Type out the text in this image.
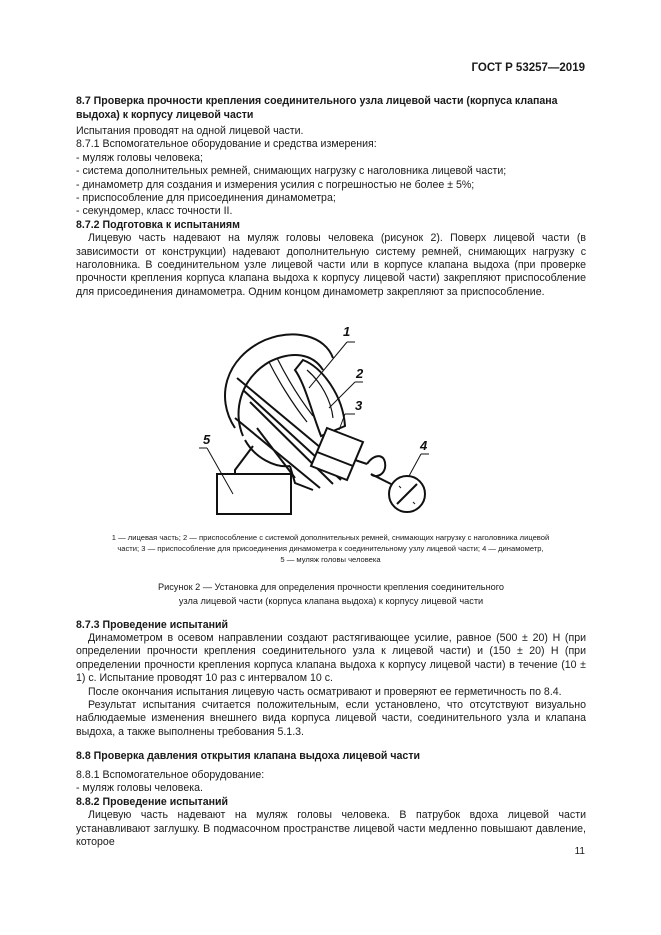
ГОСТ Р 53257—2019
8.7 Проверка прочности крепления соединительного узла лицевой части (корпуса клапана выдоха) к корпусу лицевой части
Испытания проводят на одной лицевой части.
8.7.1 Вспомогательное оборудование и средства измерения:
- муляж головы человека;
- система дополнительных ремней, снимающих нагрузку с наголовника лицевой части;
- динамометр для создания и измерения усилия с погрешностью не более ± 5%;
- приспособление для присоединения динамометра;
- секундомер, класс точности II.
8.7.2 Подготовка к испытаниям
Лицевую часть надевают на муляж головы человека (рисунок 2). Поверх лицевой части (в зависимости от конструкции) надевают дополнительную систему ремней, снимающих нагрузку с наголовника. В соединительном узле лицевой части или в корпусе клапана выдоха (при проверке прочности крепления корпуса клапана выдоха к корпусу лицевой части) закрепляют приспособление для присоединения динамометра. Одним концом динамометр закрепляют за приспособление.
1
2
3
4
5
1 — лицевая часть; 2 — приспособление с системой дополнительных ремней, снимающих нагрузку с наголовника лицевой
части; 3 — приспособление для присоединения динамометра к соединительному узлу лицевой части; 4 — динамометр,
5 — муляж головы человека
Рисунок 2 — Установка для определения прочности крепления соединительного
узла лицевой части (корпуса клапана выдоха) к корпусу лицевой части
8.7.3 Проведение испытаний
Динамометром в осевом направлении создают растягивающее усилие, равное (500 ± 20) Н (при определении прочности крепления соединительного узла к лицевой части) и (150 ± 20) Н (при определении прочности крепления корпуса клапана выдоха к корпусу лицевой части) в течение (10 ± 1) с. Испытание проводят 10 раз с интервалом 10 с.
После окончания испытания лицевую часть осматривают и проверяют ее герметичность по 8.4.
Результат испытания считается положительным, если установлено, что отсутствуют визуально наблюдаемые изменения внешнего вида корпуса лицевой части, соединительного узла и клапана выдоха, а также выполнены требования 5.1.3.
8.8 Проверка давления открытия клапана выдоха лицевой части
8.8.1 Вспомогательное оборудование:
- муляж головы человека.
8.8.2 Проведение испытаний
Лицевую часть надевают на муляж головы человека. В патрубок вдоха лицевой части устанавливают заглушку. В подмасочном пространстве лицевой части медленно повышают давление, которое
11
